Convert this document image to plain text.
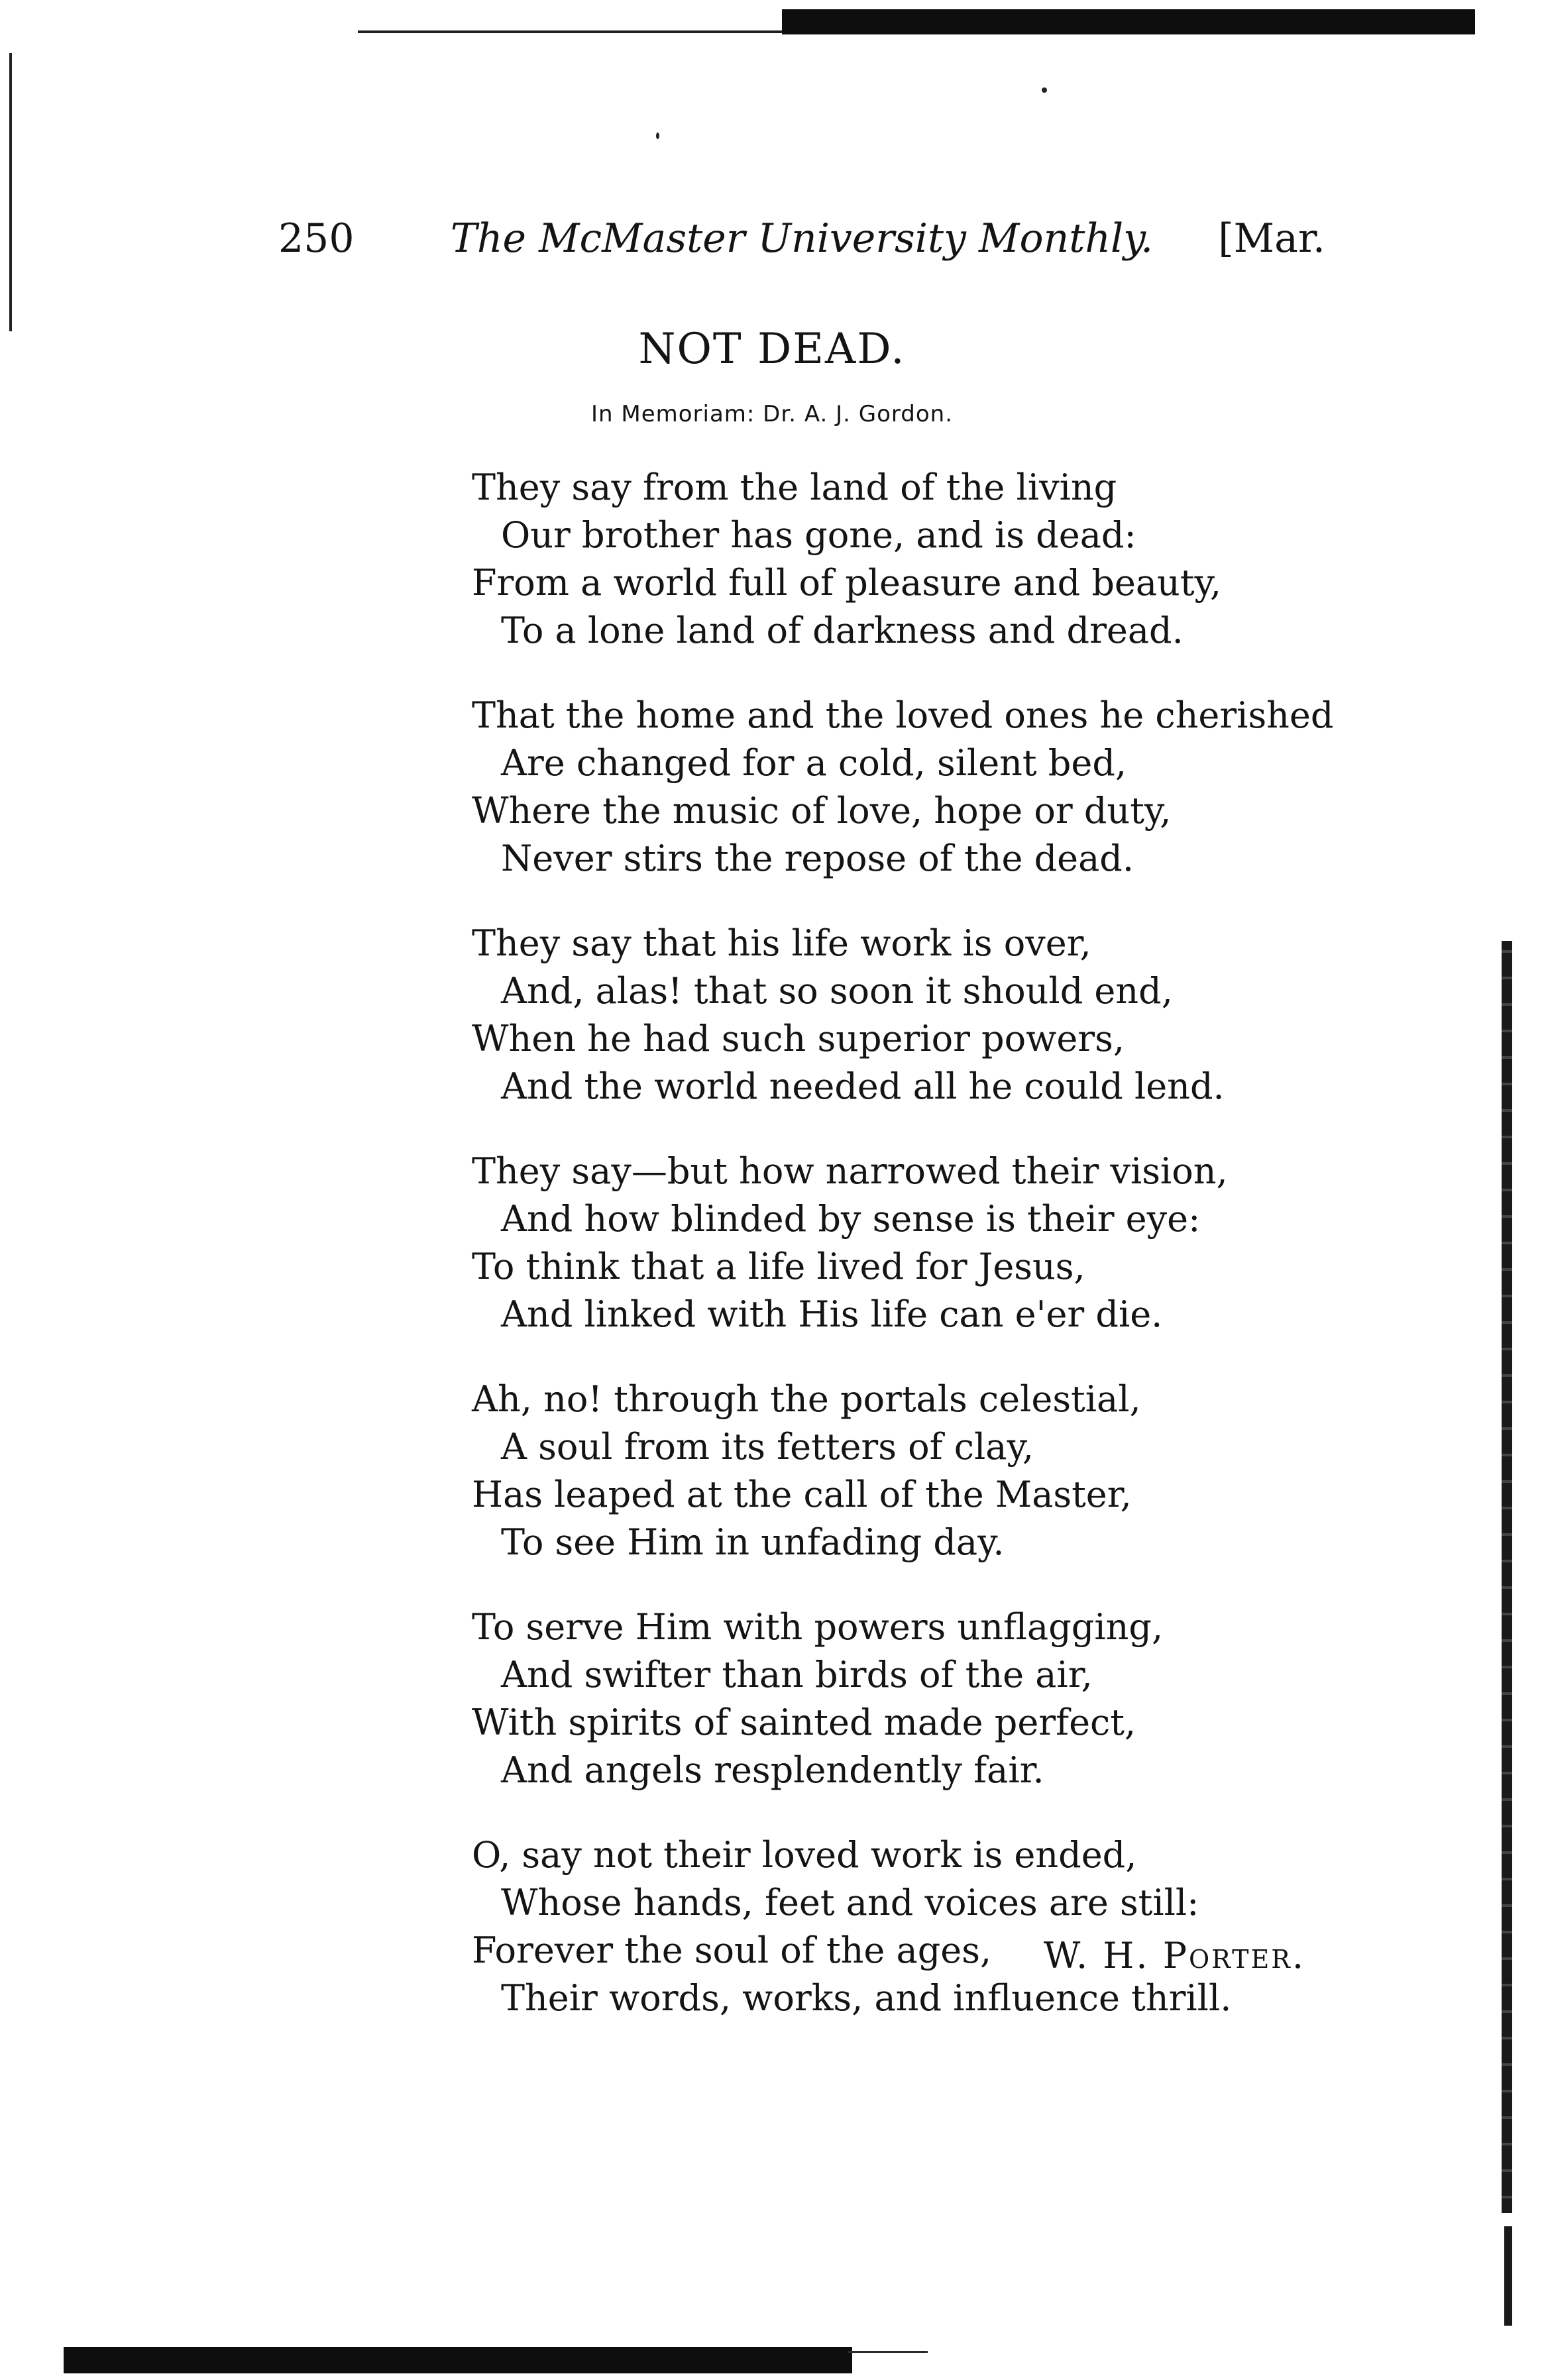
250	The McMaster University Monthly.	[Mar.
NOT DEAD.
In Memoriam: Dr. A. J. Gordon.
They say from the land of the living
Our brother has gone, and is dead:
From a world full of pleasure and beauty,
To a lone land of darkness and dread.
That the home and the loved ones he cherished
Are changed for a cold, silent bed,
Where the music of love, hope or duty,
Never stirs the repose of the dead.
They say that his life work is over,
And, alas! that so soon it should end,
When he had such superior powers,
And the world needed all he could lend.
They say—but how narrowed their vision,
And how blinded by sense is their eye:
To think that a life lived for Jesus,
And linked with His life can e'er die.
Ah, no! through the portals celestial,
A soul from its fetters of clay,
Has leaped at the call of the Master,
To see Him in unfading day.
To serve Him with powers unflagging,
And swifter than birds of the air,
With spirits of sainted made perfect,
And angels resplendently fair.
O, say not their loved work is ended,
Whose hands, feet and voices are still:
Forever the soul of the ages,
Their words, works, and influence thrill.
W. H. Porter.
